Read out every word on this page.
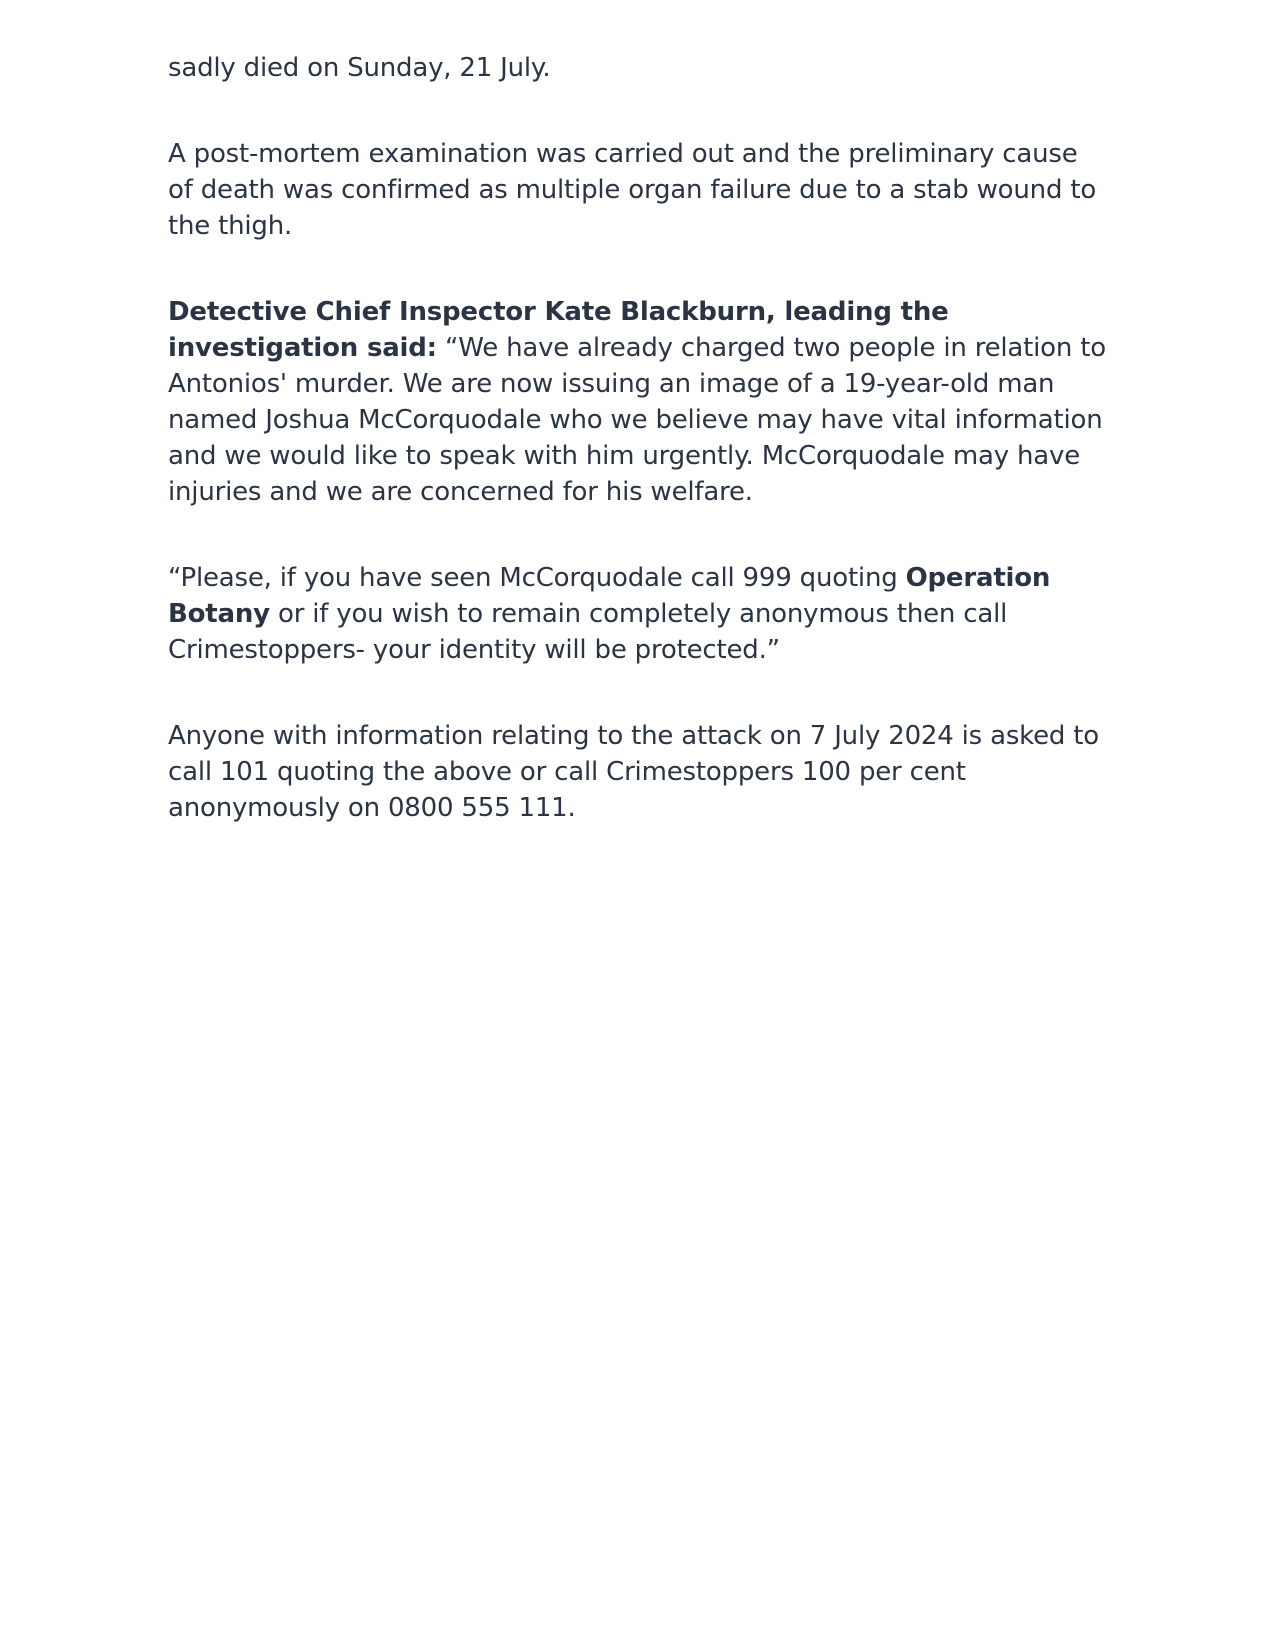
sadly died on Sunday, 21 July.

A post-mortem examination was carried out and the preliminary cause of death was confirmed as multiple organ failure due to a stab wound to the thigh.

Detective Chief Inspector Kate Blackburn, leading the investigation said: “We have already charged two people in relation to Antonios' murder. We are now issuing an image of a 19-year-old man named Joshua McCorquodale who we believe may have vital information and we would like to speak with him urgently. McCorquodale may have injuries and we are concerned for his welfare.

“Please, if you have seen McCorquodale call 999 quoting Operation Botany or if you wish to remain completely anonymous then call Crimestoppers- your identity will be protected.”

Anyone with information relating to the attack on 7 July 2024 is asked to call 101 quoting the above or call Crimestoppers 100 per cent anonymously on 0800 555 111.
